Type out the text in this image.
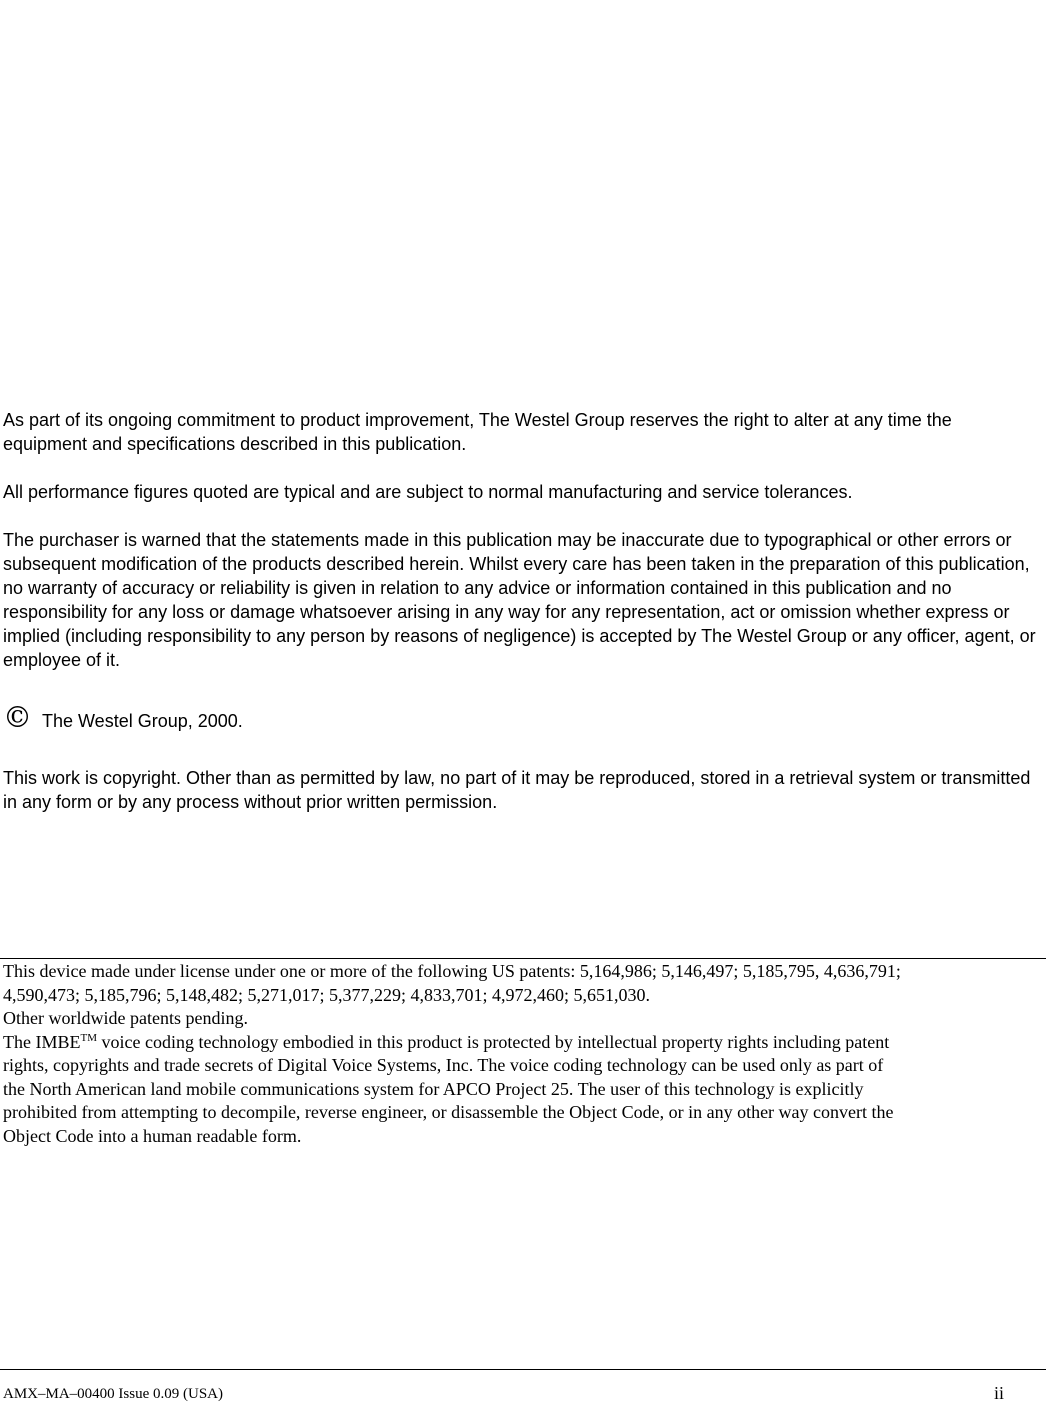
As part of its ongoing commitment to product improvement, The Westel Group reserves the right to alter at any time the equipment and specifications described in this publication.

All performance figures quoted are typical and are subject to normal manufacturing and service tolerances.

The purchaser is warned that the statements made in this publication may be inaccurate due to typographical or other errors or subsequent modification of the products described herein. Whilst every care has been taken in the preparation of this publication, no warranty of accuracy or reliability is given in relation to any advice or information contained in this publication and no responsibility for any loss or damage whatsoever arising in any way for any representation, act or omission whether express or implied (including responsibility to any person by reasons of negligence) is accepted by The Westel Group or any officer, agent, or employee of it.

© The Westel Group, 2000.

This work is copyright. Other than as permitted by law, no part of it may be reproduced, stored in a retrieval system or transmitted in any form or by any process without prior written permission.

This device made under license under one or more of the following US patents: 5,164,986; 5,146,497; 5,185,795, 4,636,791;
4,590,473; 5,185,796; 5,148,482; 5,271,017; 5,377,229; 4,833,701; 4,972,460; 5,651,030.
Other worldwide patents pending.
The IMBE™ voice coding technology embodied in this product is protected by intellectual property rights including patent
rights, copyrights and trade secrets of Digital Voice Systems, Inc. The voice coding technology can be used only as part of
the North American land mobile communications system for APCO Project 25. The user of this technology is explicitly
prohibited from attempting to decompile, reverse engineer, or disassemble the Object Code, or in any other way convert the
Object Code into a human readable form.
AMX–MA–00400 Issue 0.09 (USA)	ii
